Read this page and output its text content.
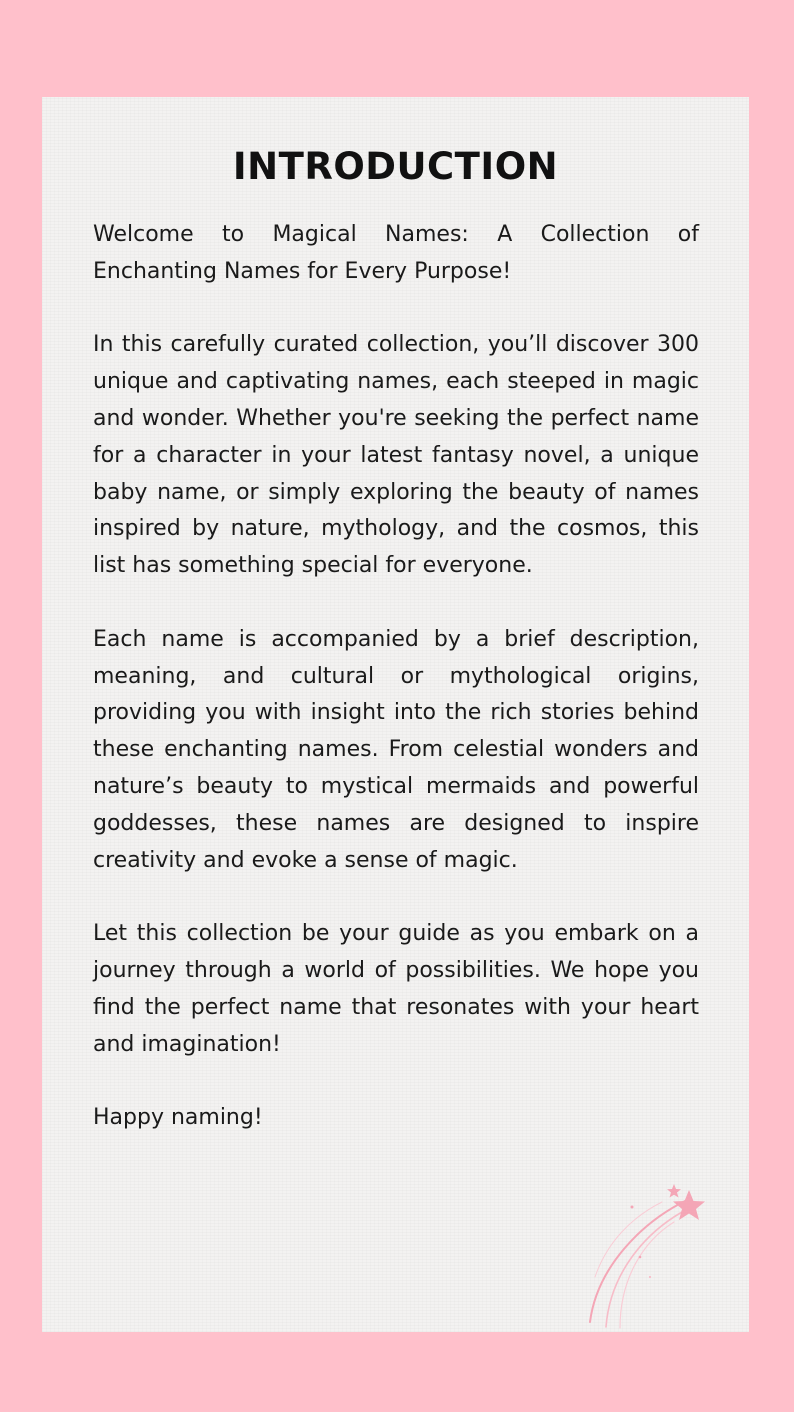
INTRODUCTION

Welcome to Magical Names: A Collection of Enchanting Names for Every Purpose!

In this carefully curated collection, you’ll discover 300 unique and captivating names, each steeped in magic and wonder. Whether you're seeking the perfect name for a character in your latest fantasy novel, a unique baby name, or simply exploring the beauty of names inspired by nature, mythology, and the cosmos, this list has something special for everyone.

Each name is accompanied by a brief description, meaning, and cultural or mythological origins, providing you with insight into the rich stories behind these enchanting names. From celestial wonders and nature’s beauty to mystical mermaids and powerful goddesses, these names are designed to inspire creativity and evoke a sense of magic.

Let this collection be your guide as you embark on a journey through a world of possibilities. We hope you find the perfect name that resonates with your heart and imagination!

Happy naming!
